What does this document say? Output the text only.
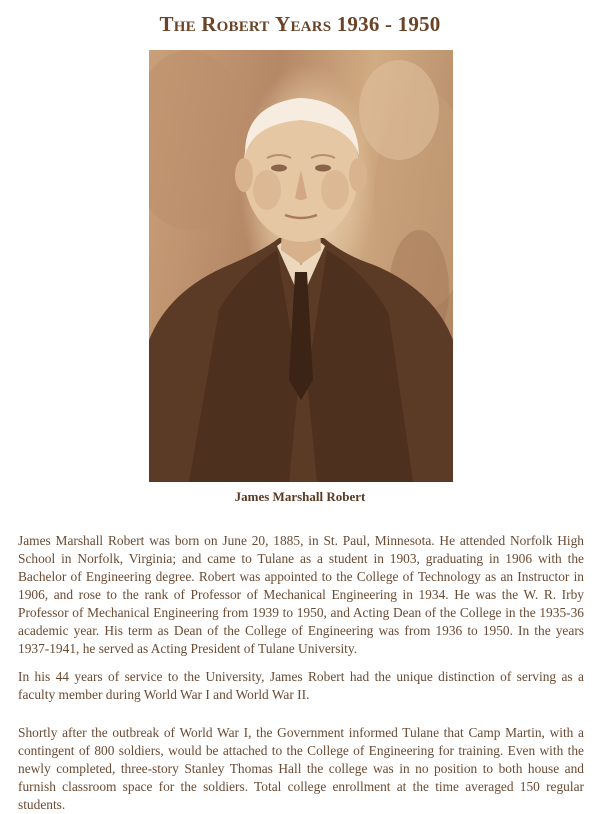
The Robert Years 1936 - 1950
James Marshall Robert

James Marshall Robert was born on June 20, 1885, in St. Paul, Minnesota. He attended Norfolk High School in Norfolk, Virginia; and came to Tulane as a student in 1903, graduating in 1906 with the Bachelor of Engineering degree. Robert was appointed to the College of Technology as an Instructor in 1906, and rose to the rank of Professor of Mechanical Engineering in 1934. He was the W. R. Irby Professor of Mechanical Engineering from 1939 to 1950, and Acting Dean of the College in the 1935-36 academic year. His term as Dean of the College of Engineering was from 1936 to 1950. In the years 1937-1941, he served as Acting President of Tulane University.

In his 44 years of service to the University, James Robert had the unique distinction of serving as a faculty member during World War I and World War II.

Shortly after the outbreak of World War I, the Government informed Tulane that Camp Martin, with a contingent of 800 soldiers, would be attached to the College of Engineering for training. Even with the newly completed, three-story Stanley Thomas Hall the college was in no position to both house and furnish classroom space for the soldiers. Total college enrollment at the time averaged 150 regular students.
